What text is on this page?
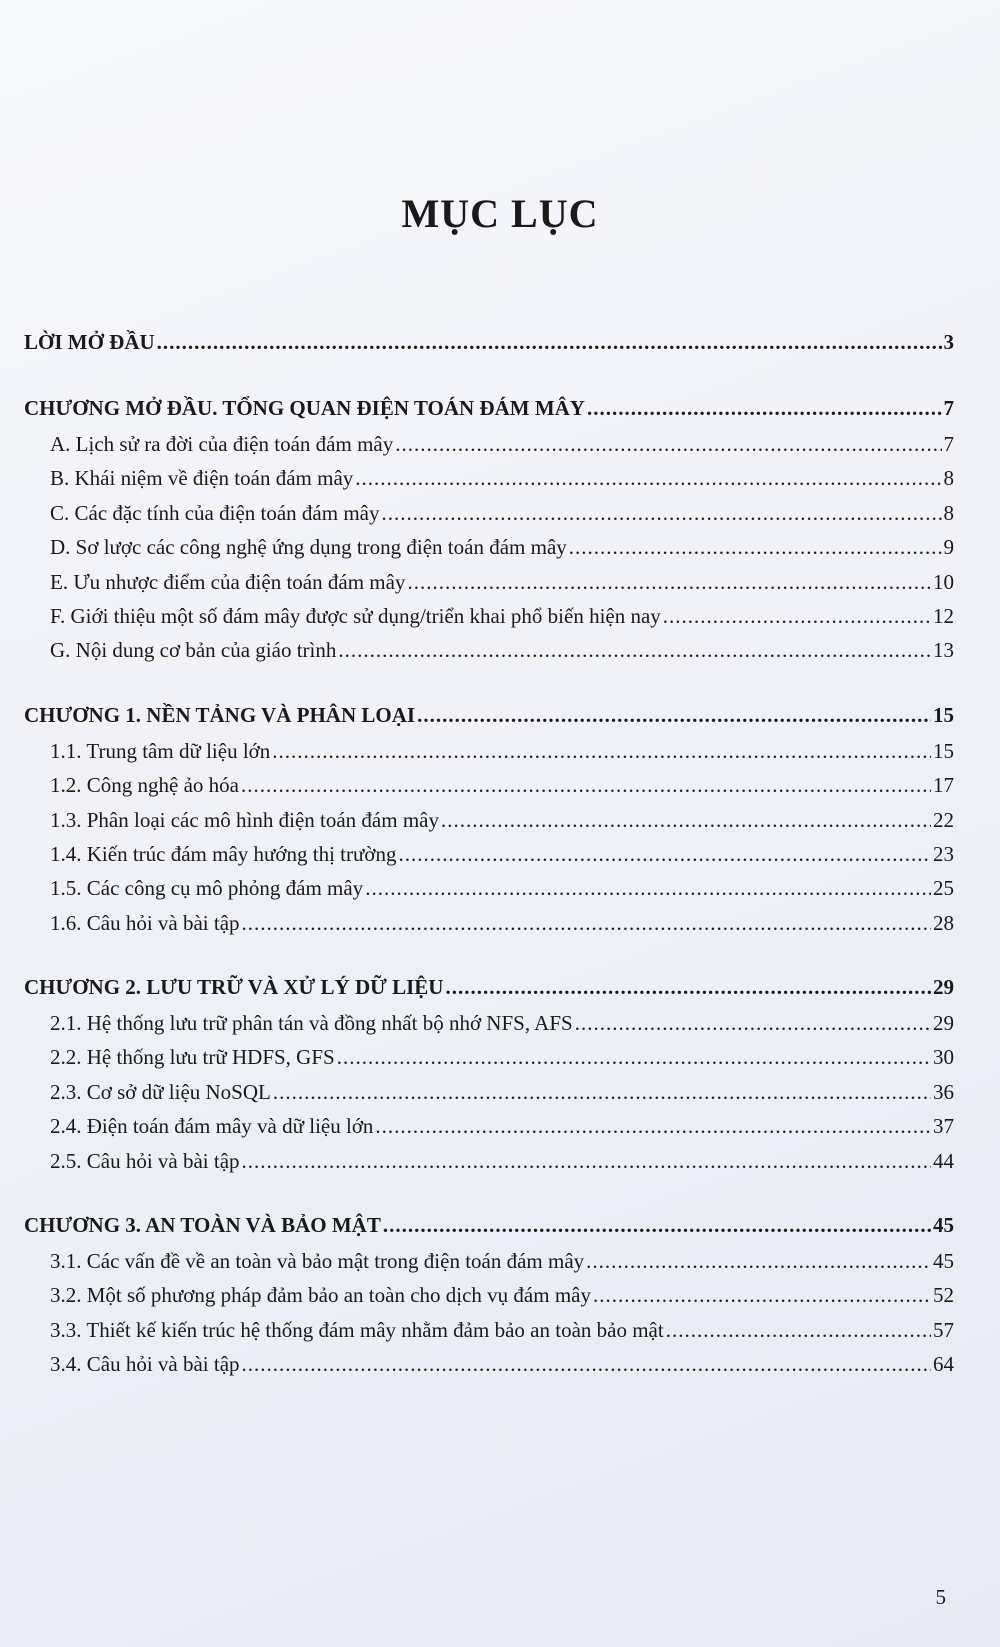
MỤC LỤC
LỜI MỞ ĐẦU .....	3
CHƯƠNG MỞ ĐẦU. TỔNG QUAN ĐIỆN TOÁN ĐÁM MÂY .....	7
A. Lịch sử ra đời của điện toán đám mây .....	7
B. Khái niệm về điện toán đám mây .....	8
C. Các đặc tính của điện toán đám mây .....	8
D. Sơ lược các công nghệ ứng dụng trong điện toán đám mây .....	9
E. Ưu nhược điểm của điện toán đám mây .....	10
F. Giới thiệu một số đám mây được sử dụng/triển khai phổ biến hiện nay .....	12
G. Nội dung cơ bản của giáo trình .....	13
CHƯƠNG 1. NỀN TẢNG VÀ PHÂN LOẠI .....	15
1.1. Trung tâm dữ liệu lớn .....	15
1.2. Công nghệ ảo hóa .....	17
1.3. Phân loại các mô hình điện toán đám mây .....	22
1.4. Kiến trúc đám mây hướng thị trường .....	23
1.5. Các công cụ mô phỏng đám mây .....	25
1.6. Câu hỏi và bài tập .....	28
CHƯƠNG 2. LƯU TRỮ VÀ XỬ LÝ DỮ LIỆU .....	29
2.1. Hệ thống lưu trữ phân tán và đồng nhất bộ nhớ NFS, AFS .....	29
2.2. Hệ thống lưu trữ HDFS, GFS .....	30
2.3. Cơ sở dữ liệu NoSQL .....	36
2.4. Điện toán đám mây và dữ liệu lớn .....	37
2.5. Câu hỏi và bài tập .....	44
CHƯƠNG 3. AN TOÀN VÀ BẢO MẬT .....	45
3.1. Các vấn đề về an toàn và bảo mật trong điện toán đám mây .....	45
3.2. Một số phương pháp đảm bảo an toàn cho dịch vụ đám mây .....	52
3.3. Thiết kế kiến trúc hệ thống đám mây nhằm đảm bảo an toàn bảo mật .....	57
3.4. Câu hỏi và bài tập .....	64
5
